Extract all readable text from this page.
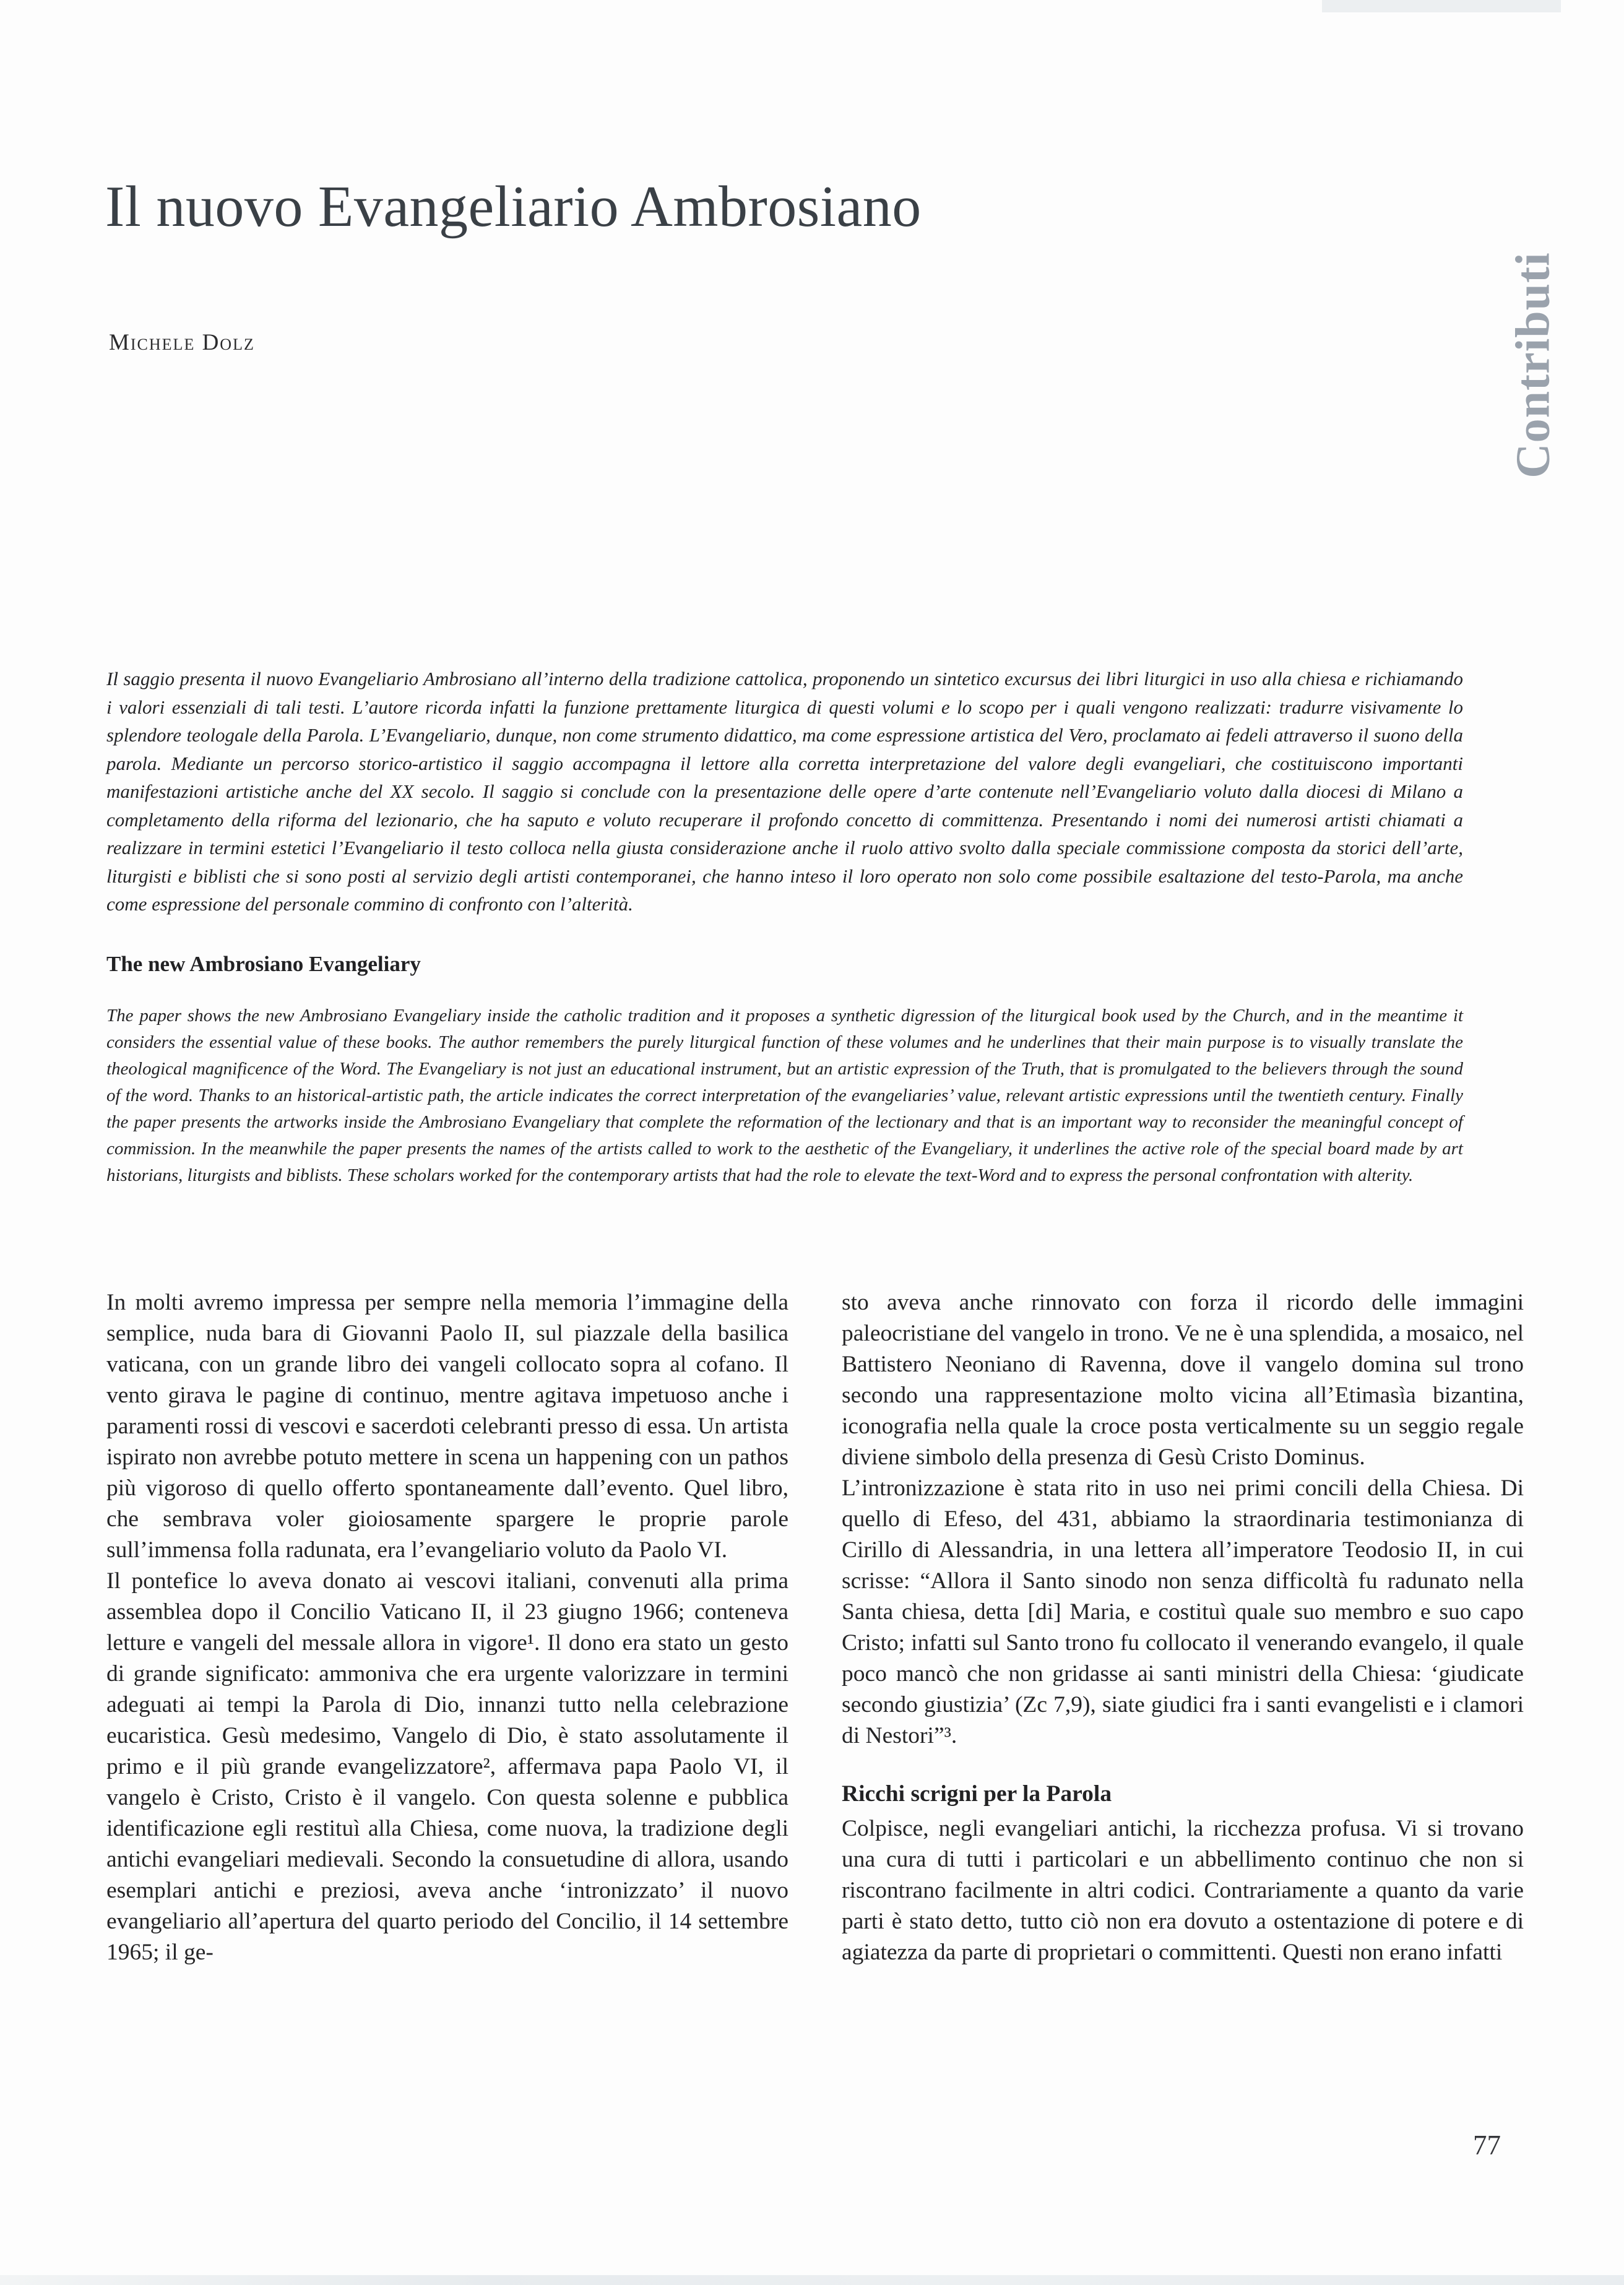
Il nuovo Evangeliario Ambrosiano
Michele Dolz	Contributi

Il saggio presenta il nuovo Evangeliario Ambrosiano all’interno della tradizione cattolica, proponendo un sintetico excursus dei libri liturgici in uso alla chiesa e richiamando i valori essenziali di tali testi. L’autore ricorda infatti la funzione prettamente liturgica di questi volumi e lo scopo per i quali vengono realizzati: tradurre visivamente lo splendore teologale della Parola. L’Evangeliario, dunque, non come strumento didattico, ma come espressione artistica del Vero, proclamato ai fedeli attraverso il suono della parola. Mediante un percorso storico-artistico il saggio accompagna il lettore alla corretta interpretazione del valore degli evangeliari, che costituiscono importanti manifestazioni artistiche anche del XX secolo. Il saggio si conclude con la presentazione delle opere d’arte contenute nell’Evangeliario voluto dalla diocesi di Milano a completamento della riforma del lezionario, che ha saputo e voluto recuperare il profondo concetto di committenza. Presentando i nomi dei numerosi artisti chiamati a realizzare in termini estetici l’Evangeliario il testo colloca nella giusta considerazione anche il ruolo attivo svolto dalla speciale commissione composta da storici dell’arte, liturgisti e biblisti che si sono posti al servizio degli artisti contemporanei, che hanno inteso il loro operato non solo come possibile esaltazione del testo-Parola, ma anche come espressione del personale commino di confronto con l’alterità.

The new Ambrosiano Evangeliary

The paper shows the new Ambrosiano Evangeliary inside the catholic tradition and it proposes a synthetic digression of the liturgical book used by the Church, and in the meantime it considers the essential value of these books. The author remembers the purely liturgical function of these volumes and he underlines that their main purpose is to visually translate the theological magnificence of the Word. The Evangeliary is not just an educational instrument, but an artistic expression of the Truth, that is promulgated to the believers through the sound of the word. Thanks to an historical-artistic path, the article indicates the correct interpretation of the evangeliaries’ value, relevant artistic expressions until the twentieth century. Finally the paper presents the artworks inside the Ambrosiano Evangeliary that complete the reformation of the lectionary and that is an important way to reconsider the meaningful concept of commission. In the meanwhile the paper presents the names of the artists called to work to the aesthetic of the Evangeliary, it underlines the active role of the special board made by art historians, liturgists and biblists. These scholars worked for the contemporary artists that had the role to elevate the text-Word and to express the personal confrontation with alterity.

In molti avremo impressa per sempre nella memoria l’immagine della semplice, nuda bara di Giovanni Paolo II, sul piazzale della basilica vaticana, con un grande libro dei vangeli collocato sopra al cofano. Il vento girava le pagine di continuo, mentre agitava impetuoso anche i paramenti rossi di vescovi e sacerdoti celebranti presso di essa. Un artista ispirato non avrebbe potuto mettere in scena un happening con un pathos più vigoroso di quello offerto spontaneamente dall’evento. Quel libro, che sembrava voler gioiosamente spargere le proprie parole sull’immensa folla radunata, era l’evangeliario voluto da Paolo VI.

Il pontefice lo aveva donato ai vescovi italiani, convenuti alla prima assemblea dopo il Concilio Vaticano II, il 23 giugno 1966; conteneva letture e vangeli del messale allora in vigore¹. Il dono era stato un gesto di grande significato: ammoniva che era urgente valorizzare in termini adeguati ai tempi la Parola di Dio, innanzi tutto nella celebrazione eucaristica. Gesù medesimo, Vangelo di Dio, è stato assolutamente il primo e il più grande evangelizzatore², affermava papa Paolo VI, il vangelo è Cristo, Cristo è il vangelo. Con questa solenne e pubblica identificazione egli restituì alla Chiesa, come nuova, la tradizione degli antichi evangeliari medievali. Secondo la consuetudine di allora, usando esemplari antichi e preziosi, aveva anche ‘intronizzato’ il nuovo evangeliario all’apertura del quarto periodo del Concilio, il 14 settembre 1965; il ge-

sto aveva anche rinnovato con forza il ricordo delle immagini paleocristiane del vangelo in trono. Ve ne è una splendida, a mosaico, nel Battistero Neoniano di Ravenna, dove il vangelo domina sul trono secondo una rappresentazione molto vicina all’Etimasìa bizantina, iconografia nella quale la croce posta verticalmente su un seggio regale diviene simbolo della presenza di Gesù Cristo Dominus.

L’intronizzazione è stata rito in uso nei primi concili della Chiesa. Di quello di Efeso, del 431, abbiamo la straordinaria testimonianza di Cirillo di Alessandria, in una lettera all’imperatore Teodosio II, in cui scrisse: “Allora il Santo sinodo non senza difficoltà fu radunato nella Santa chiesa, detta [di] Maria, e costituì quale suo membro e suo capo Cristo; infatti sul Santo trono fu collocato il venerando evangelo, il quale poco mancò che non gridasse ai santi ministri della Chiesa: ‘giudicate secondo giustizia’ (Zc 7,9), siate giudici fra i santi evangelisti e i clamori di Nestori”³.

Ricchi scrigni per la Parola

Colpisce, negli evangeliari antichi, la ricchezza profusa. Vi si trovano una cura di tutti i particolari e un abbellimento continuo che non si riscontrano facilmente in altri codici. Contrariamente a quanto da varie parti è stato detto, tutto ciò non era dovuto a ostentazione di potere e di agiatezza da parte di proprietari o committenti. Questi non erano infatti

77
